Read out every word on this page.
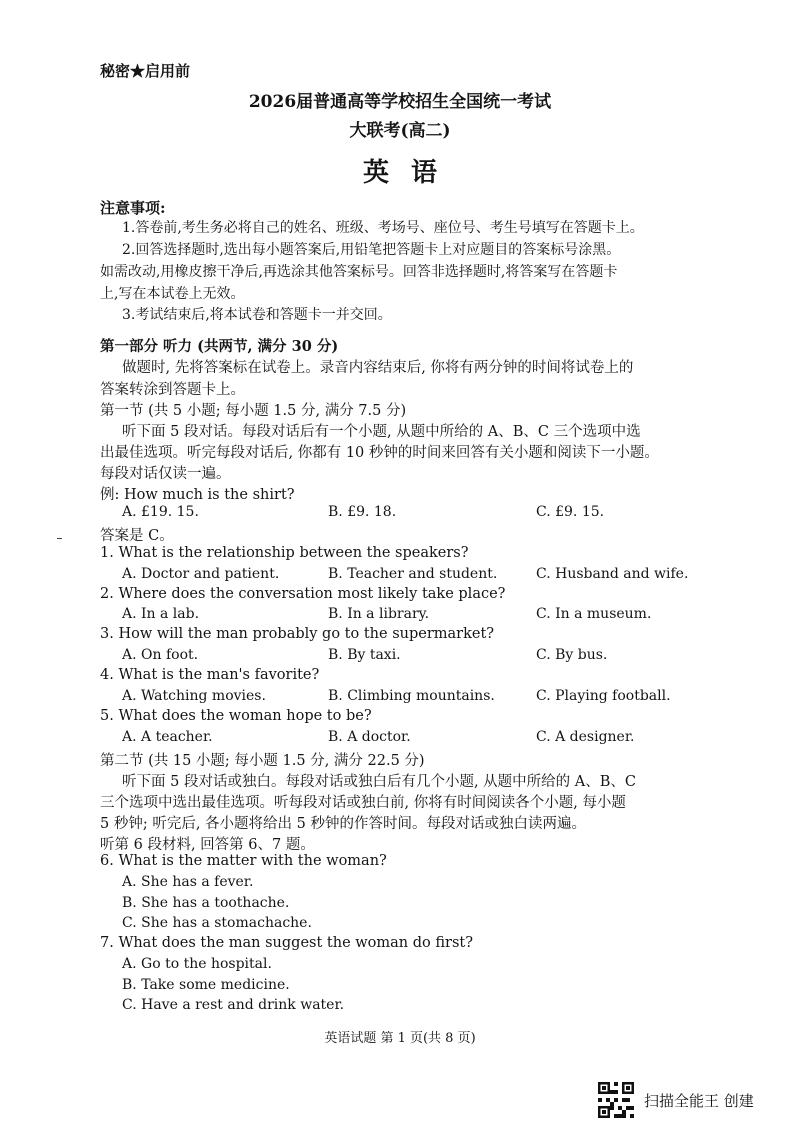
秘密★启用前
2026届普通高等学校招生全国统一考试
大联考(高二)
英语
注意事项:
1.答卷前,考生务必将自己的姓名、班级、考场号、座位号、考生号填写在答题卡上。
2.回答选择题时,选出每小题答案后,用铅笔把答题卡上对应题目的答案标号涂黑。
如需改动,用橡皮擦干净后,再选涂其他答案标号。回答非选择题时,将答案写在答题卡
上,写在本试卷上无效。
3.考试结束后,将本试卷和答题卡一并交回。
第一部分 听力 (共两节, 满分 30 分)
做题时, 先将答案标在试卷上。录音内容结束后, 你将有两分钟的时间将试卷上的
答案转涂到答题卡上。
第一节 (共 5 小题; 每小题 1.5 分, 满分 7.5 分)
听下面 5 段对话。每段对话后有一个小题, 从题中所给的 A、B、C 三个选项中选
出最佳选项。听完每段对话后, 你都有 10 秒钟的时间来回答有关小题和阅读下一小题。
每段对话仅读一遍。
例: How much is the shirt?
A. £19. 15.	B. £9. 18.	C. £9. 15.
答案是 C。
1. What is the relationship between the speakers?
A. Doctor and patient.	B. Teacher and student.	C. Husband and wife.
2. Where does the conversation most likely take place?
A. In a lab.	B. In a library.	C. In a museum.
3. How will the man probably go to the supermarket?
A. On foot.	B. By taxi.	C. By bus.
4. What is the man's favorite?
A. Watching movies.	B. Climbing mountains.	C. Playing football.
5. What does the woman hope to be?
A. A teacher.	B. A doctor.	C. A designer.
第二节 (共 15 小题; 每小题 1.5 分, 满分 22.5 分)
听下面 5 段对话或独白。每段对话或独白后有几个小题, 从题中所给的 A、B、C
三个选项中选出最佳选项。听每段对话或独白前, 你将有时间阅读各个小题, 每小题
5 秒钟; 听完后, 各小题将给出 5 秒钟的作答时间。每段对话或独白读两遍。
听第 6 段材料, 回答第 6、7 题。
6. What is the matter with the woman?
A. She has a fever.
B. She has a toothache.
C. She has a stomachache.
7. What does the man suggest the woman do first?
A. Go to the hospital.
B. Take some medicine.
C. Have a rest and drink water.
英语试题 第 1 页(共 8 页)
扫描全能王 创建
